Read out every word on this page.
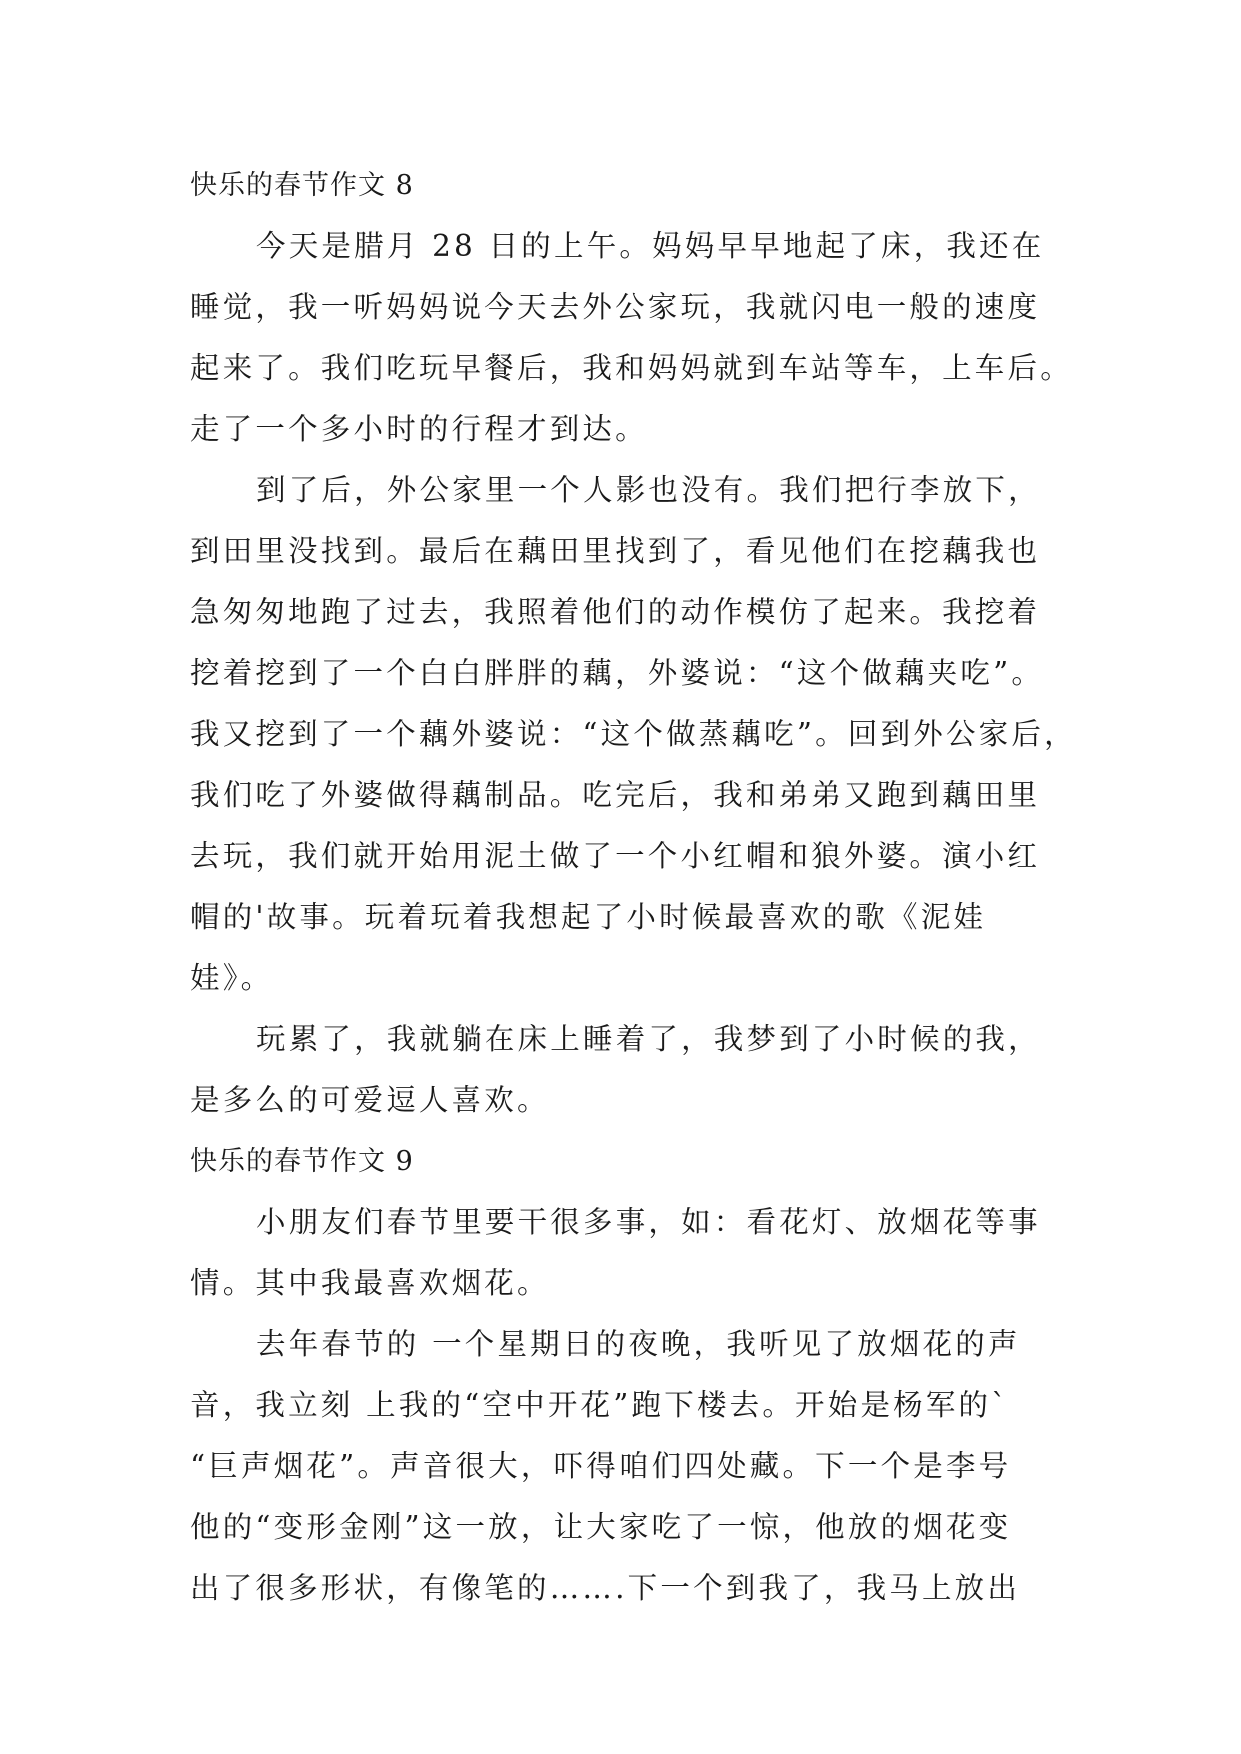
快乐的春节作文 8
今天是腊月 28 日的上午。妈妈早早地起了床，我还在
睡觉，我一听妈妈说今天去外公家玩，我就闪电一般的速度
起来了。我们吃玩早餐后，我和妈妈就到车站等车，上车后。
走了一个多小时的行程才到达。
到了后，外公家里一个人影也没有。我们把行李放下，
到田里没找到。最后在藕田里找到了，看见他们在挖藕我也
急匆匆地跑了过去，我照着他们的动作模仿了起来。我挖着
挖着挖到了一个白白胖胖的藕，外婆说：“这个做藕夹吃”。
我又挖到了一个藕外婆说：“这个做蒸藕吃”。回到外公家后，
我们吃了外婆做得藕制品。吃完后，我和弟弟又跑到藕田里
去玩，我们就开始用泥土做了一个小红帽和狼外婆。演小红
帽的'故事。玩着玩着我想起了小时候最喜欢的歌《泥娃
娃》。
玩累了，我就躺在床上睡着了，我梦到了小时候的我，
是多么的可爱逗人喜欢。
快乐的春节作文 9
小朋友们春节里要干很多事，如：看花灯、放烟花等事
情。其中我最喜欢烟花。
去年春节的 一个星期日的夜晚，我听见了放烟花的声
音，我立刻 上我的“空中开花”跑下楼去。开始是杨军的`
“巨声烟花”。声音很大，吓得咱们四处藏。下一个是李号
他的“变形金刚”这一放，让大家吃了一惊，他放的烟花变
出了很多形状，有像笔的…….下一个到我了，我马上放出
